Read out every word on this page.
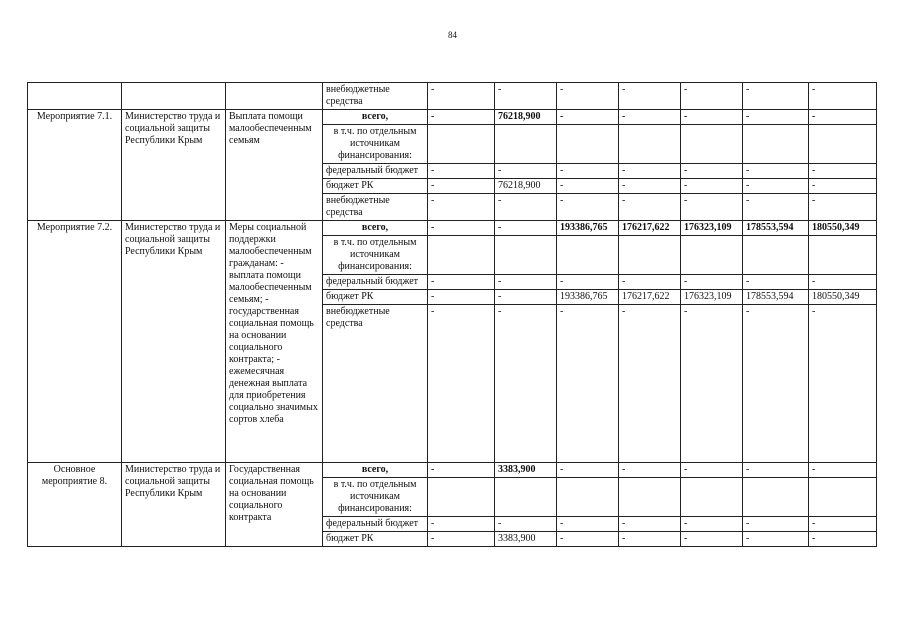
84
			внебюджетные средства	-	-	-	-	-	-	-
Мероприятие 7.1.	Министерство труда и социальной защиты Республики Крым	Выплата помощи малообеспеченным семьям	всего,	-	76218,900	-	-	-	-	-
			в т.ч. по отдельным источникам финансирования:							
			федеральный бюджет	-	-	-	-	-	-	-
			бюджет РК	-	76218,900	-	-	-	-	-
			внебюджетные средства	-	-	-	-	-	-	-
Мероприятие 7.2.	Министерство труда и социальной защиты Республики Крым	Меры социальной поддержки малообеспеченным гражданам: - выплата помощи малообеспеченным семьям; - государственная социальная помощь на основании социального контракта; - ежемесячная денежная выплата для приобретения социально значимых сортов хлеба	всего,	-	-	193386,765	176217,622	176323,109	178553,594	180550,349
			в т.ч. по отдельным источникам финансирования:							
			федеральный бюджет	-	-	-	-	-	-	-
			бюджет РК	-	-	193386,765	176217,622	176323,109	178553,594	180550,349
			внебюджетные средства	-	-	-	-	-	-	-
Основное мероприятие 8.	Министерство труда и социальной защиты Республики Крым	Государственная социальная помощь на основании социального контракта	всего,	-	3383,900	-	-	-	-	-
			в т.ч. по отдельным источникам финансирования:							
			федеральный бюджет	-	-	-	-	-	-	-
			бюджет РК	-	3383,900	-	-	-	-	-
